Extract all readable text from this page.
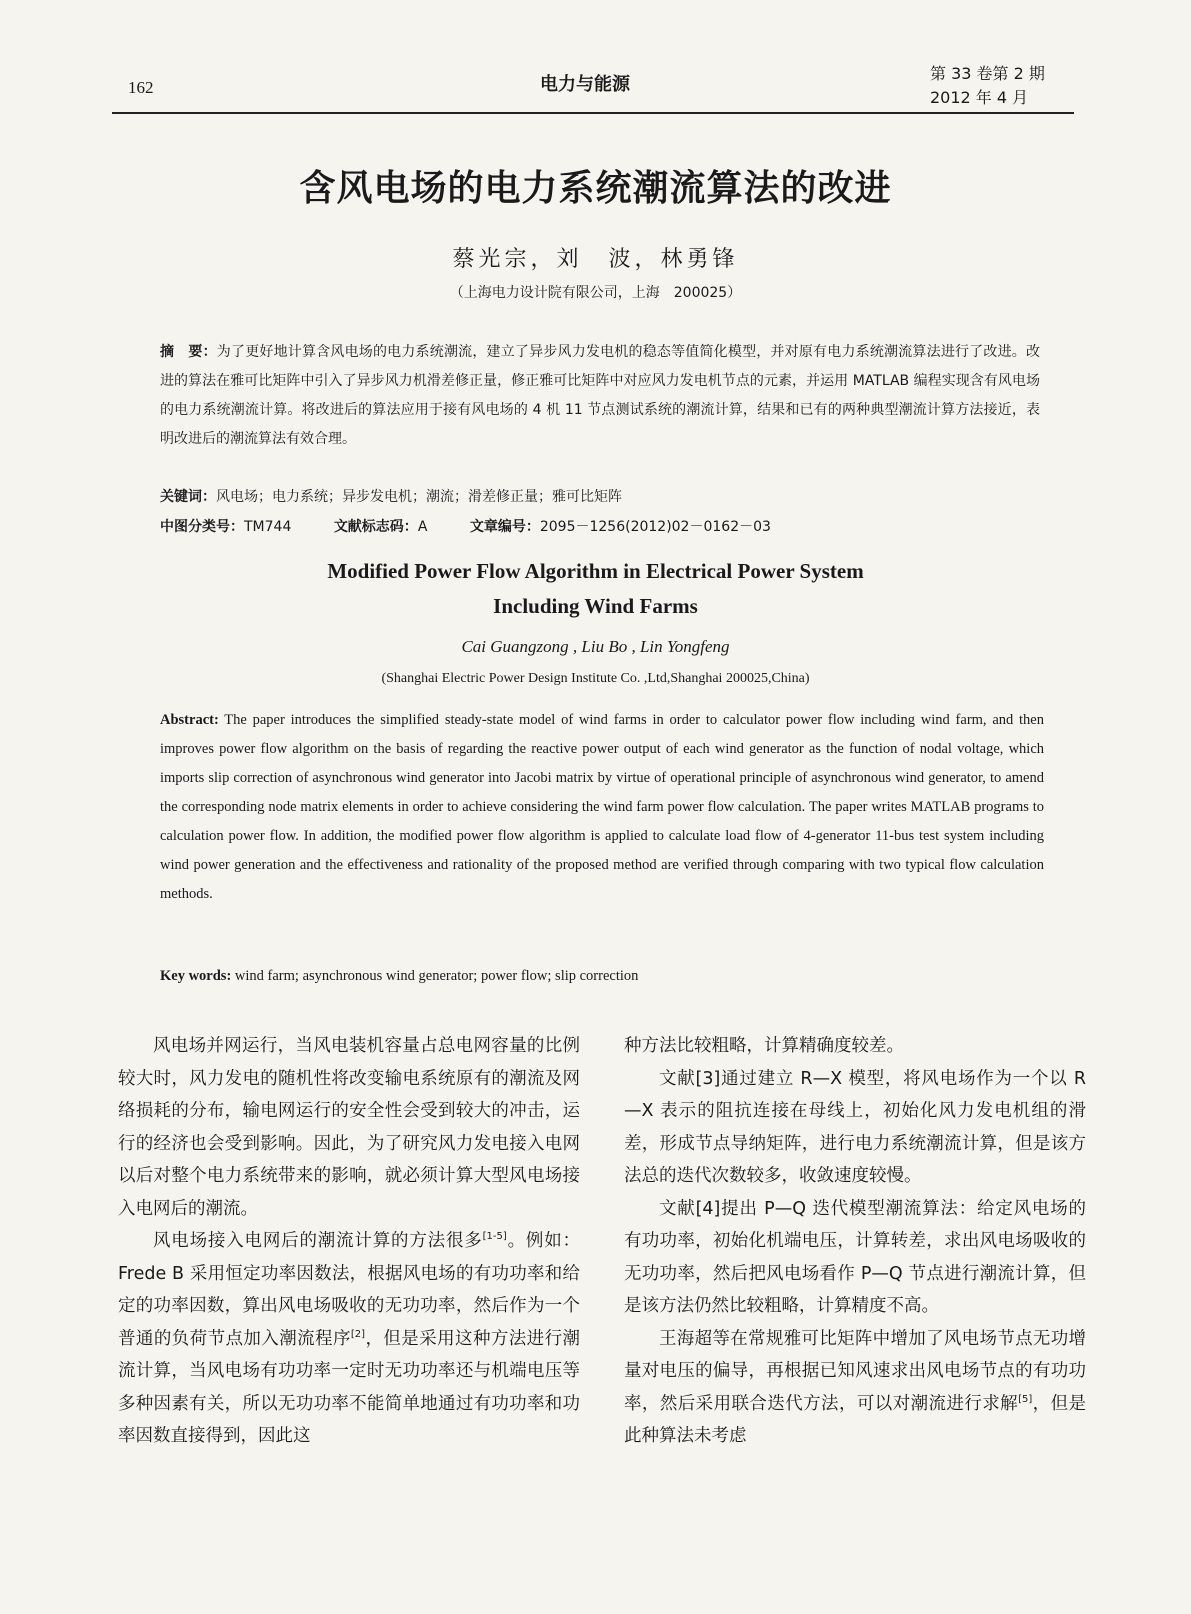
162	电力与能源
第 33 卷第 2 期
2012 年 4 月
含风电场的电力系统潮流算法的改进
蔡光宗，刘　波，林勇锋
（上海电力设计院有限公司，上海　200025）
摘　要：为了更好地计算含风电场的电力系统潮流，建立了异步风力发电机的稳态等值简化模型，并对原有电力系统潮流算法进行了改进。改进的算法在雅可比矩阵中引入了异步风力机滑差修正量，修正雅可比矩阵中对应风力发电机节点的元素，并运用 MATLAB 编程实现含有风电场的电力系统潮流计算。将改进后的算法应用于接有风电场的 4 机 11 节点测试系统的潮流计算，结果和已有的两种典型潮流计算方法接近，表明改进后的潮流算法有效合理。
关键词：风电场；电力系统；异步发电机；潮流；滑差修正量；雅可比矩阵
中图分类号：TM744	文献标志码：A	文章编号：2095－1256(2012)02－0162－03
Modified Power Flow Algorithm in Electrical Power System
Including Wind Farms
Cai Guangzong , Liu Bo , Lin Yongfeng
(Shanghai Electric Power Design Institute Co. ,Ltd,Shanghai 200025,China)
Abstract: The paper introduces the simplified steady-state model of wind farms in order to calculator power flow including wind farm, and then improves power flow algorithm on the basis of regarding the reactive power output of each wind generator as the function of nodal voltage, which imports slip correction of asynchronous wind generator into Jacobi matrix by virtue of operational principle of asynchronous wind generator, to amend the corresponding node matrix elements in order to achieve considering the wind farm power flow calculation. The paper writes MATLAB programs to calculation power flow. In addition, the modified power flow algorithm is applied to calculate load flow of 4-generator 11-bus test system including wind power generation and the effectiveness and rationality of the proposed method are verified through comparing with two typical flow calculation methods.
Key words: wind farm; asynchronous wind generator; power flow; slip correction

风电场并网运行，当风电装机容量占总电网容量的比例较大时，风力发电的随机性将改变输电系统原有的潮流及网络损耗的分布，输电网运行的安全性会受到较大的冲击，运行的经济也会受到影响。因此，为了研究风力发电接入电网以后对整个电力系统带来的影响，就必须计算大型风电场接入电网后的潮流。

风电场接入电网后的潮流计算的方法很多[1-5]。例如：Frede B 采用恒定功率因数法，根据风电场的有功功率和给定的功率因数，算出风电场吸收的无功功率，然后作为一个普通的负荷节点加入潮流程序[2]，但是采用这种方法进行潮流计算，当风电场有功功率一定时无功功率还与机端电压等多种因素有关，所以无功功率不能简单地通过有功功率和功率因数直接得到，因此这

种方法比较粗略，计算精确度较差。

文献[3]通过建立 R—X 模型，将风电场作为一个以 R—X 表示的阻抗连接在母线上，初始化风力发电机组的滑差，形成节点导纳矩阵，进行电力系统潮流计算，但是该方法总的迭代次数较多，收敛速度较慢。

文献[4]提出 P—Q 迭代模型潮流算法：给定风电场的有功功率，初始化机端电压，计算转差，求出风电场吸收的无功功率，然后把风电场看作 P—Q 节点进行潮流计算，但是该方法仍然比较粗略，计算精度不高。

王海超等在常规雅可比矩阵中增加了风电场节点无功增量对电压的偏导，再根据已知风速求出风电场节点的有功功率，然后采用联合迭代方法，可以对潮流进行求解[5]，但是此种算法未考虑
